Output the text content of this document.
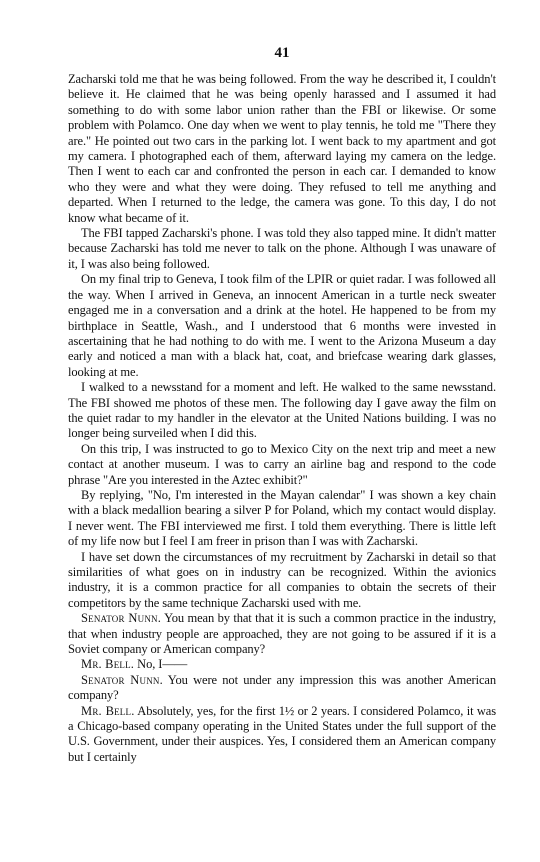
41

Zacharski told me that he was being followed. From the way he described it, I couldn't believe it. He claimed that he was being openly harassed and I assumed it had something to do with some labor union rather than the FBI or likewise. Or some problem with Polamco. One day when we went to play tennis, he told me "There they are." He pointed out two cars in the parking lot. I went back to my apartment and got my camera. I photographed each of them, afterward laying my camera on the ledge. Then I went to each car and confronted the person in each car. I demanded to know who they were and what they were doing. They refused to tell me anything and departed. When I returned to the ledge, the camera was gone. To this day, I do not know what became of it.

The FBI tapped Zacharski's phone. I was told they also tapped mine. It didn't matter because Zacharski has told me never to talk on the phone. Although I was unaware of it, I was also being followed.

On my final trip to Geneva, I took film of the LPIR or quiet radar. I was followed all the way. When I arrived in Geneva, an innocent American in a turtle neck sweater engaged me in a conversation and a drink at the hotel. He happened to be from my birthplace in Seattle, Wash., and I understood that 6 months were invested in ascertaining that he had nothing to do with me. I went to the Arizona Museum a day early and noticed a man with a black hat, coat, and briefcase wearing dark glasses, looking at me.

I walked to a newsstand for a moment and left. He walked to the same newsstand. The FBI showed me photos of these men. The following day I gave away the film on the quiet radar to my handler in the elevator at the United Nations building. I was no longer being surveiled when I did this.

On this trip, I was instructed to go to Mexico City on the next trip and meet a new contact at another museum. I was to carry an airline bag and respond to the code phrase "Are you interested in the Aztec exhibit?"

By replying, "No, I'm interested in the Mayan calendar" I was shown a key chain with a black medallion bearing a silver P for Poland, which my contact would display. I never went. The FBI interviewed me first. I told them everything. There is little left of my life now but I feel I am freer in prison than I was with Zacharski.

I have set down the circumstances of my recruitment by Zacharski in detail so that similarities of what goes on in industry can be recognized. Within the avionics industry, it is a common practice for all companies to obtain the secrets of their competitors by the same technique Zacharski used with me.

Senator Nunn. You mean by that that it is such a common practice in the industry, that when industry people are approached, they are not going to be assured if it is a Soviet company or American company?

Mr. Bell. No, I——

Senator Nunn. You were not under any impression this was another American company?

Mr. Bell. Absolutely, yes, for the first 1½ or 2 years. I considered Polamco, it was a Chicago-based company operating in the United States under the full support of the U.S. Government, under their auspices. Yes, I considered them an American company but I certainly
